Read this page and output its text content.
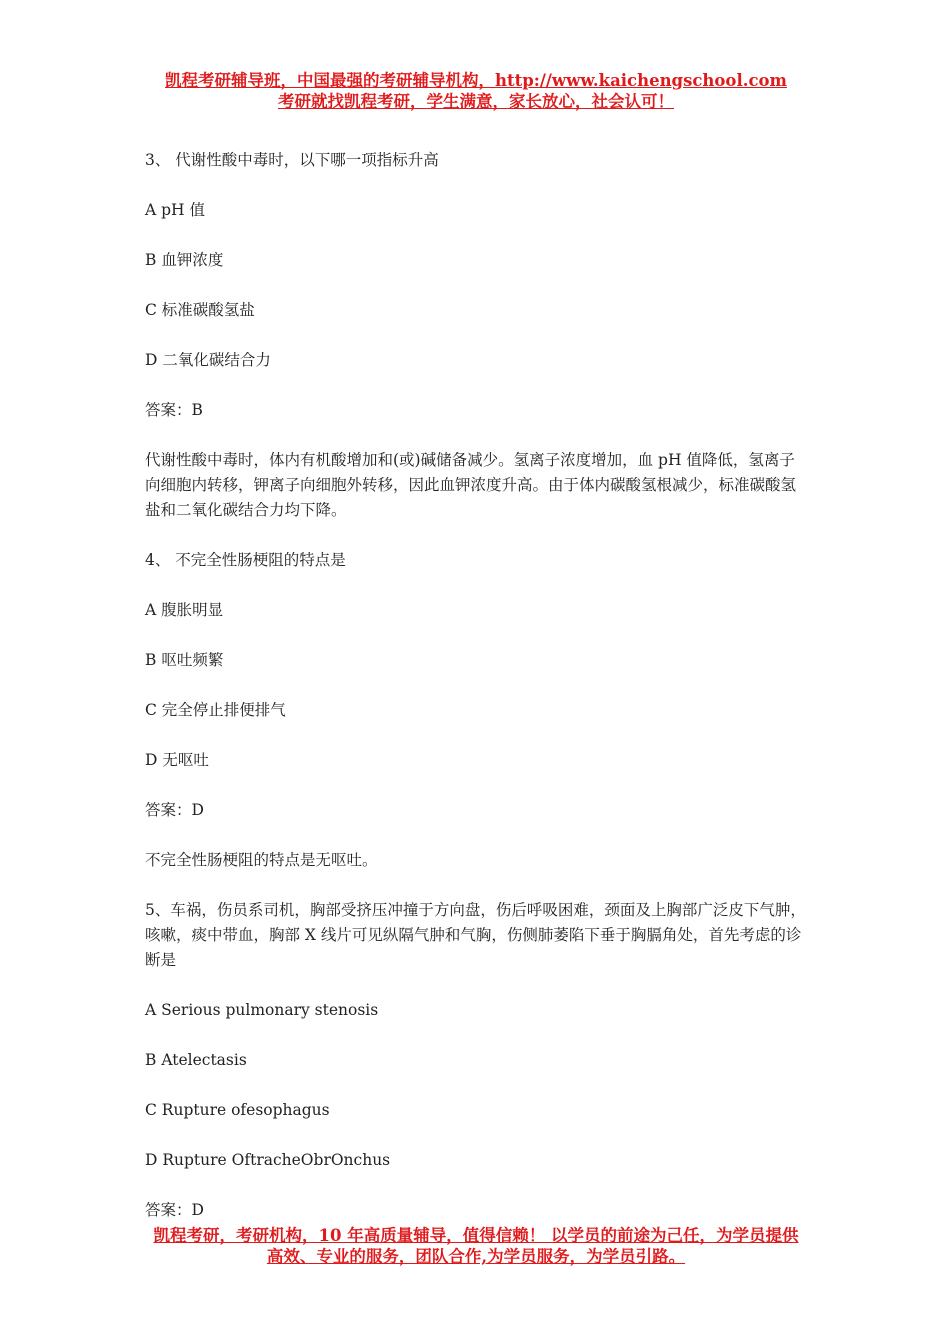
凯程考研辅导班，中国最强的考研辅导机构，http://www.kaichengschool.com
考研就找凯程考研，学生满意，家长放心，社会认可！

3、 代谢性酸中毒时，以下哪一项指标升高

A pH 值

B 血钾浓度

C 标准碳酸氢盐

D 二氧化碳结合力

答案：B

代谢性酸中毒时，体内有机酸增加和(或)碱储备减少。氢离子浓度增加，血 pH 值降低，氢离子向细胞内转移，钾离子向细胞外转移，因此血钾浓度升高。由于体内碳酸氢根减少，标准碳酸氢盐和二氧化碳结合力均下降。

4、 不完全性肠梗阻的特点是

A 腹胀明显

B 呕吐频繁

C 完全停止排便排气

D 无呕吐

答案：D

不完全性肠梗阻的特点是无呕吐。

5、车祸，伤员系司机，胸部受挤压冲撞于方向盘，伤后呼吸困难，颈面及上胸部广泛皮下气肿，咳嗽，痰中带血，胸部 X 线片可见纵隔气肿和气胸，伤侧肺萎陷下垂于胸膈角处，首先考虑的诊断是

A Serious pulmonary stenosis

B Atelectasis

C Rupture ofesophagus

D Rupture OftracheObrOnchus

答案：D

凯程考研，考研机构，10 年高质量辅导，值得信赖！ 以学员的前途为己任，为学员提供
高效、专业的服务，团队合作,为学员服务，为学员引路。
